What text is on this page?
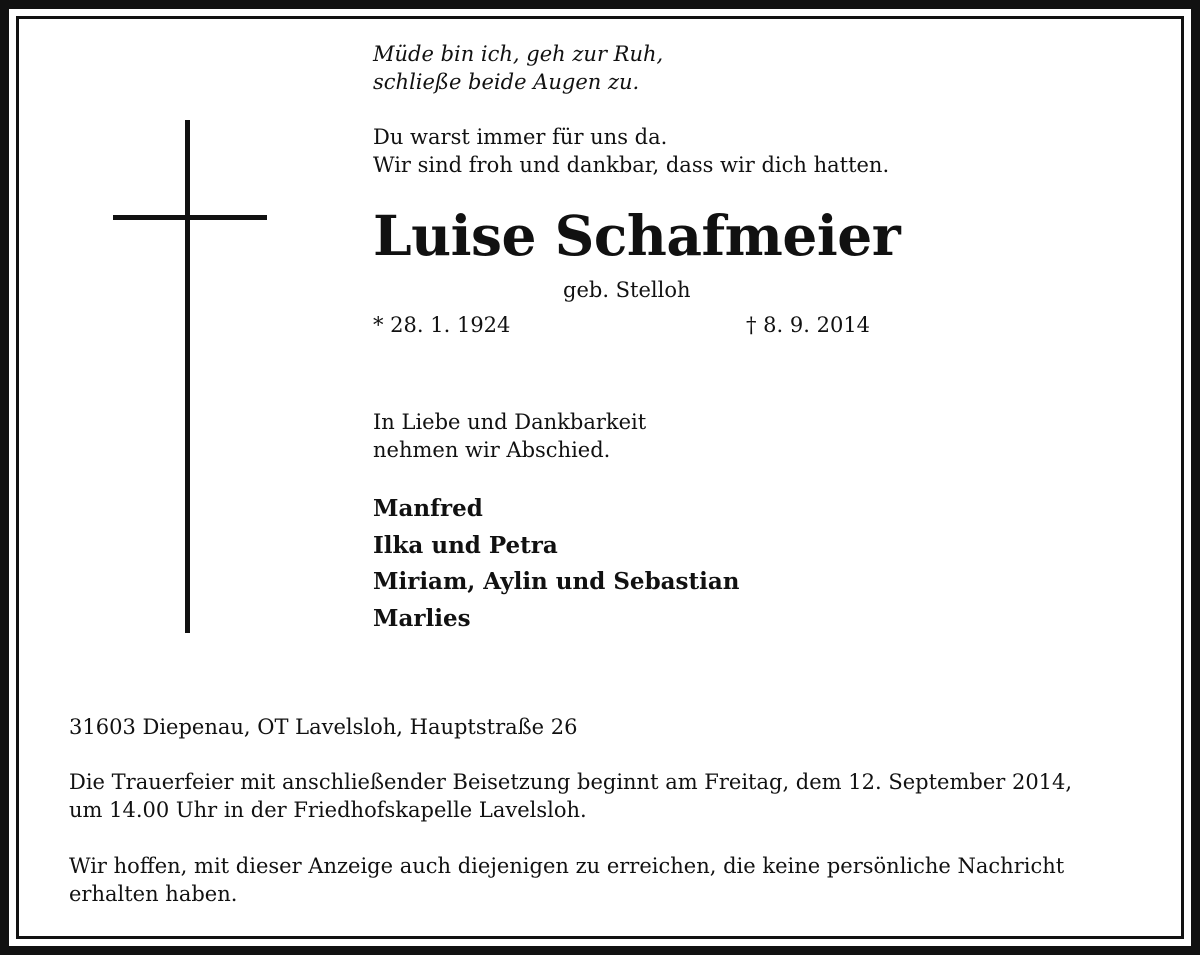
Müde bin ich, geh zur Ruh,
schließe beide Augen zu.
Du warst immer für uns da.
Wir sind froh und dankbar, dass wir dich hatten.
Luise Schafmeier
geb. Stelloh
* 28. 1. 1924	† 8. 9. 2014
In Liebe und Dankbarkeit
nehmen wir Abschied.
Manfred
Ilka und Petra
Miriam, Aylin und Sebastian
Marlies
31603 Diepenau, OT Lavelsloh, Hauptstraße 26
Die Trauerfeier mit anschließender Beisetzung beginnt am Freitag, dem 12. September 2014,
um 14.00 Uhr in der Friedhofskapelle Lavelsloh.
Wir hoffen, mit dieser Anzeige auch diejenigen zu erreichen, die keine persönliche Nachricht
erhalten haben.
